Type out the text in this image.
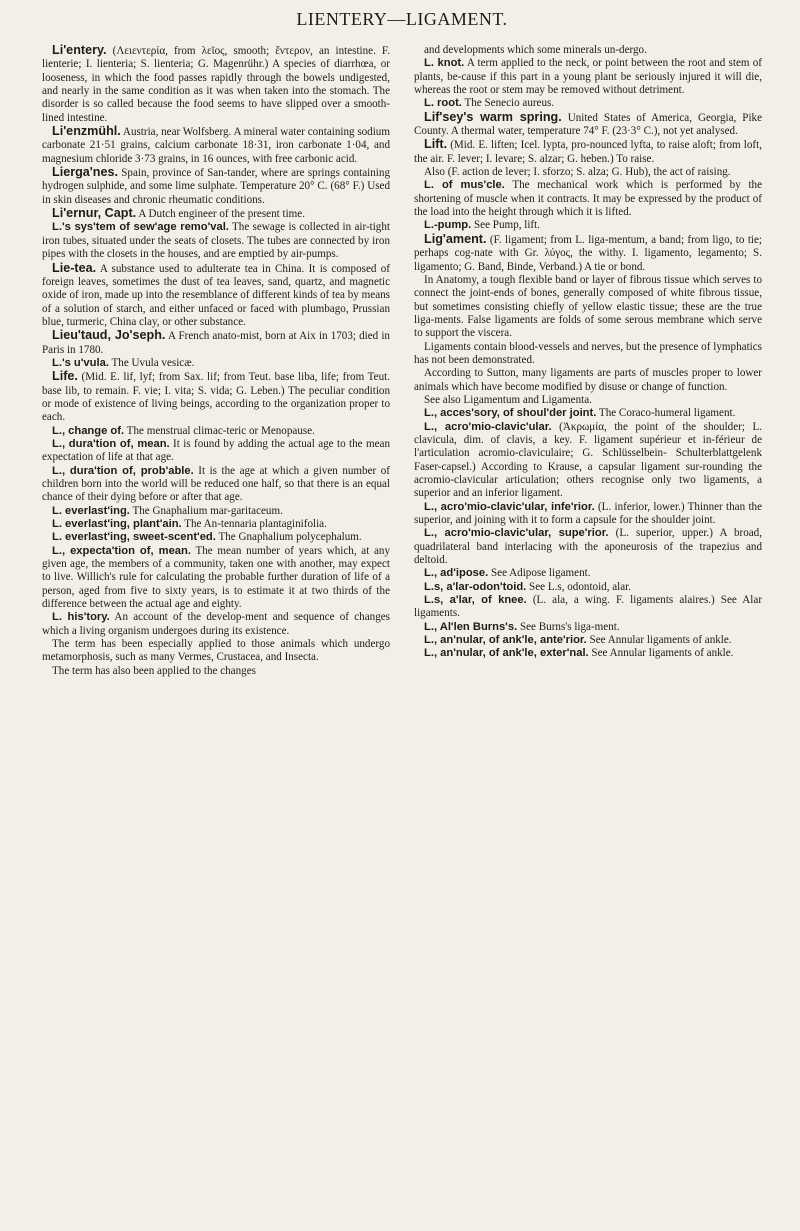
LIENTERY—LIGAMENT.

Li'entery. (Λειεντερία, from λεῖος, smooth; ἔντερον, an intestine. F. lienterie; I. lienteria; S. lienteria; G. Magenrühr.) A species of diarrhœa, or looseness, in which the food passes rapidly through the bowels undigested, and nearly in the same condition as it was when taken into the stomach. The disorder is so called because the food seems to have slipped over a smooth-lined intestine.

Li'enzmühl. Austria, near Wolfsberg. A mineral water containing sodium carbonate 21·51 grains, calcium carbonate 18·31, iron carbonate 1·04, and magnesium chloride 3·73 grains, in 16 ounces, with free carbonic acid.

Lierga'nes. Spain, province of San-tander, where are springs containing hydrogen sulphide, and some lime sulphate. Temperature 20° C. (68° F.) Used in skin diseases and chronic rheumatic conditions.

Li'ernur, Capt. A Dutch engineer of the present time.

L.'s sys'tem of sew'age remo'val. The sewage is collected in air-tight iron tubes, situated under the seats of closets. The tubes are connected by iron pipes with the closets in the houses, and are emptied by air-pumps.

Lie-tea. A substance used to adulterate tea in China. It is composed of foreign leaves, sometimes the dust of tea leaves, sand, quartz, and magnetic oxide of iron, made up into the resemblance of different kinds of tea by means of a solution of starch, and either unfaced or faced with plumbago, Prussian blue, turmeric, China clay, or other substance.

Lieu'taud, Jo'seph. A French anato-mist, born at Aix in 1703; died in Paris in 1780.

L.'s u'vula. The Uvula vesicæ.

Life. (Mid. E. lif, lyf; from Sax. lif; from Teut. base liba, life; from Teut. base lib, to remain. F. vie; I. vita; S. vida; G. Leben.) The peculiar condition or mode of existence of living beings, according to the organization proper to each.

L., change of. The menstrual climac-teric or Menopause.

L., dura'tion of, mean. It is found by adding the actual age to the mean expectation of life at that age.

L., dura'tion of, prob'able. It is the age at which a given number of children born into the world will be reduced one half, so that there is an equal chance of their dying before or after that age.

L. everlast'ing. The Gnaphalium mar-garitaceum.

L. everlast'ing, plant'ain. The An-tennaria plantaginifolia.

L. everlast'ing, sweet-scent'ed. The Gnaphalium polycephalum.

L., expecta'tion of, mean. The mean number of years which, at any given age, the members of a community, taken one with another, may expect to live. Willich's rule for calculating the probable further duration of life of a person, aged from five to sixty years, is to estimate it at two thirds of the difference between the actual age and eighty.

L. his'tory. An account of the develop-ment and sequence of changes which a living organism undergoes during its existence.

The term has been especially applied to those animals which undergo metamorphosis, such as many Vermes, Crustacea, and Insecta.

The term has also been applied to the changes

and developments which some minerals un-dergo.

L. knot. A term applied to the neck, or point between the root and stem of plants, be-cause if this part in a young plant be seriously injured it will die, whereas the root or stem may be removed without detriment.

L. root. The Senecio aureus.

Lif'sey's warm spring. United States of America, Georgia, Pike County. A thermal water, temperature 74° F. (23·3° C.), not yet analysed.

Lift. (Mid. E. liften; Icel. lypta, pro-nounced lyfta, to raise aloft; from loft, the air. F. lever; I. levare; S. alzar; G. heben.) To raise.

Also (F. action de lever; I. sforzo; S. alza; G. Hub), the act of raising.

L. of mus'cle. The mechanical work which is performed by the shortening of muscle when it contracts. It may be expressed by the product of the load into the height through which it is lifted.

L.-pump. See Pump, lift.

Lig'ament. (F. ligament; from L. liga-mentum, a band; from ligo, to tie; perhaps cog-nate with Gr. λύγος, the withy. I. ligamento, legamento; S. ligamento; G. Band, Binde, Verband.) A tie or bond.

In Anatomy, a tough flexible band or layer of fibrous tissue which serves to connect the joint-ends of bones, generally composed of white fibrous tissue, but sometimes consisting chiefly of yellow elastic tissue; these are the true liga-ments. False ligaments are folds of some serous membrane which serve to support the viscera.

Ligaments contain blood-vessels and nerves, but the presence of lymphatics has not been demonstrated.

According to Sutton, many ligaments are parts of muscles proper to lower animals which have become modified by disuse or change of function.

See also Ligamentum and Ligamenta.

L., acces'sory, of shoul'der joint. The Coraco-humeral ligament.

L., acro'mio-clavic'ular. (Ἀκρωμία, the point of the shoulder; L. clavicula, dim. of clavis, a key. F. ligament supérieur et in-férieur de l'articulation acromio-claviculaire; G. Schlüsselbein- Schulterblattgelenk Faser-capsel.) According to Krause, a capsular ligament sur-rounding the acromio-clavicular articulation; others recognise only two ligaments, a superior and an inferior ligament.

L., acro'mio-clavic'ular, infe'rior. (L. inferior, lower.) Thinner than the superior, and joining with it to form a capsule for the shoulder joint.

L., acro'mio-clavic'ular, supe'rior. (L. superior, upper.) A broad, quadrilateral band interlacing with the aponeurosis of the trapezius and deltoid.

L., ad'ipose. See Adipose ligament.

L.s, a'lar-odon'toid. See L.s, odontoid, alar.

L.s, a'lar, of knee. (L. ala, a wing. F. ligaments alaires.) See Alar ligaments.

L., Al'len Burns's. See Burns's liga-ment.

L., an'nular, of ank'le, ante'rior. See Annular ligaments of ankle.

L., an'nular, of ank'le, exter'nal. See Annular ligaments of ankle.
